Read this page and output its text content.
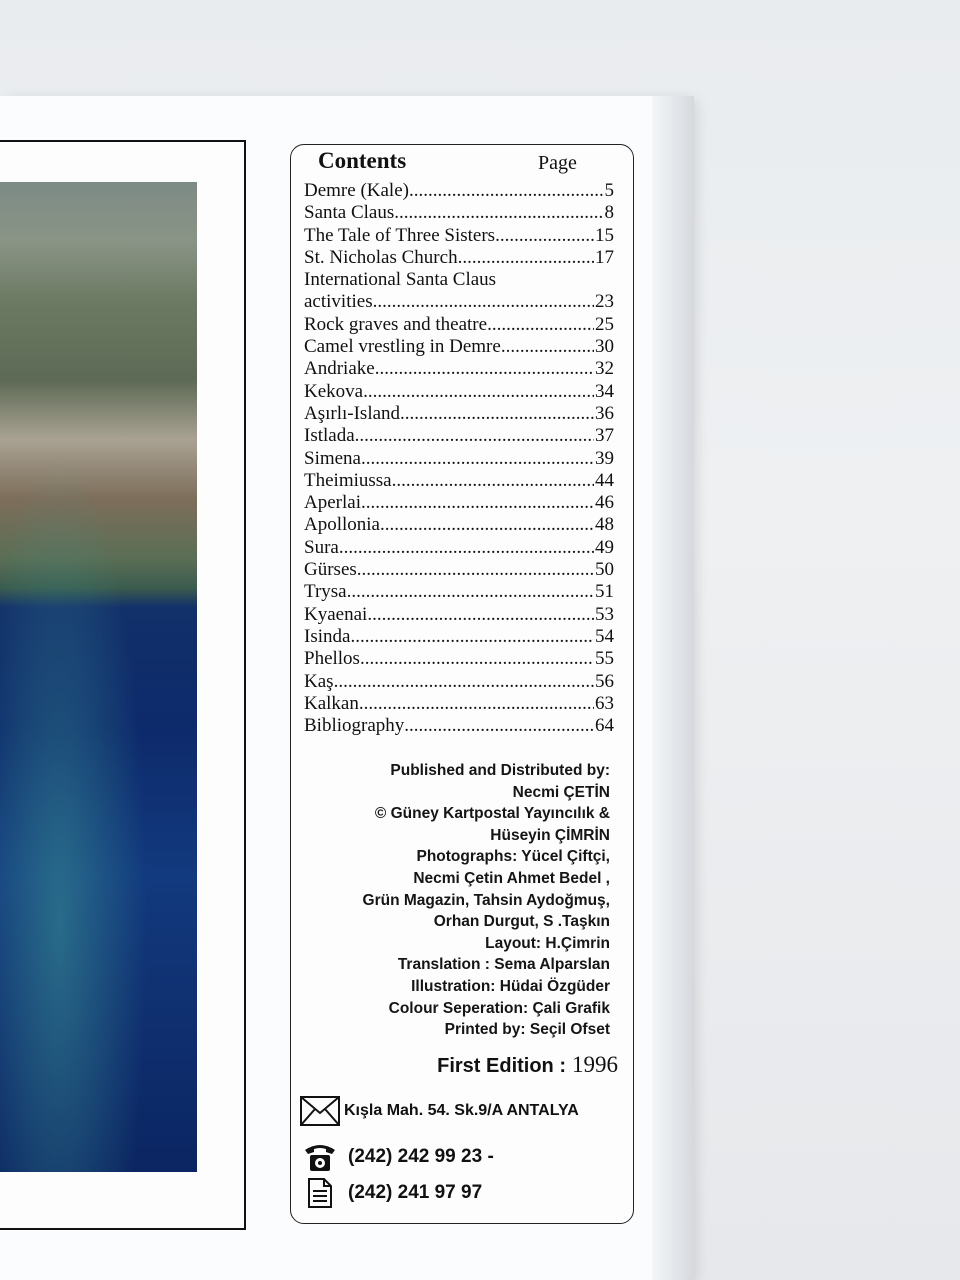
Contents	Page
Demre (Kale) .....	5
Santa Claus .....	8
The Tale of Three Sisters .....	15
St. Nicholas Church .....	17
International Santa Claus
activities .....	23
Rock graves and theatre .....	25
Camel vrestling in Demre .....	30
Andriake .....	32
Kekova .....	34
Aşırlı-Island .....	36
Istlada .....	37
Simena .....	39
Theimiussa .....	44
Aperlai .....	46
Apollonia .....	48
Sura .....	49
Gürses .....	50
Trysa .....	51
Kyaenai .....	53
Isinda .....	54
Phellos .....	55
Kaş .....	56
Kalkan .....	63
Bibliography .....	64
Published and Distributed by:
Necmi ÇETİN
© Güney Kartpostal Yayıncılık &
Hüseyin ÇİMRİN
Photographs: Yücel Çiftçi,
Necmi Çetin Ahmet Bedel ,
Grün Magazin, Tahsin Aydoğmuş,
Orhan Durgut, S .Taşkın
Layout: H.Çimrin
Translation : Sema Alparslan
Illustration: Hüdai Özgüder
Colour Seperation: Çali Grafik
Printed by: Seçil Ofset
First Edition : 1996
Kışla Mah. 54. Sk.9/A ANTALYA
(242) 242 99 23 -
(242) 241 97 97
